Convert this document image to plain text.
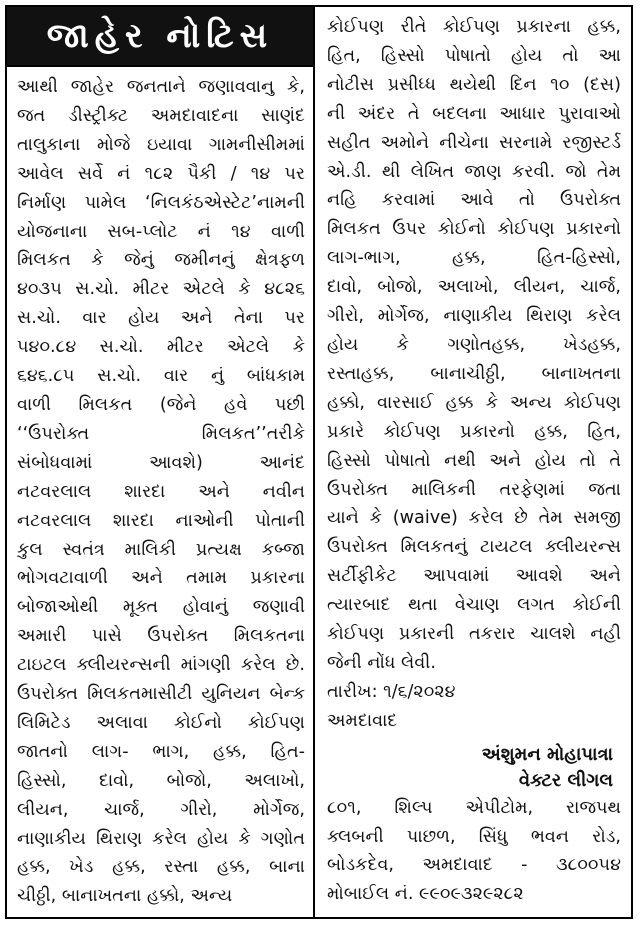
જાહેર નોટિસ
આથી જાહેર જનતાને જણાવવાનુ કે,
જત ડીસ્ટ્રીક્ટ અમદાવાદના સાણંદ
તાલુકાના મોજે ઇયાવા ગામનીસીમમાં
આવેલ સર્વે નં ૧૮૨ પૈકી / ૧૪ પર
નિર્માણ પામેલ ‘નિલકંઠએસ્ટેટ’નામની
યોજનાના સબ-પ્લોટ નં ૧૪ વાળી
મિલકત કે જેનું જમીનનું ક્ષેત્રફળ
૪૦૩૫ સ.ચો. મીટર એટલે કે ૪૮૨૬
સ.ચો. વાર હોય અને તેના પર
૫૪૦.૮૪ સ.ચો. મીટર એટલે કે
૬૪૬.૮૫ સ.ચો. વાર નું બાંધકામ
વાળી મિલકત (જેને હવે પછી
‘‘ઉપરોક્ત મિલકત’’તરીકે
સંબોધવામાં આવશે) આનંદ
નટવરલાલ શારદા અને નવીન
નટવરલાલ શારદા નાઓની પોતાની
કુલ સ્વતંત્ર માલિકી પ્રત્યક્ષ કબ્જા
ભોગવટાવાળી અને તમામ પ્રકારના
બોજાઓથી મૂક્ત હોવાનું જણાવી
અમારી પાસે ઉપરોક્ત મિલકતના
ટાઇટલ ક્લીયરન્સની માંગણી કરેલ છે.
ઉપરોક્ત મિલકતમાસીટી યુનિયન બેન્ક
લિમિટેડ અલાવા કોઈનો કોઈપણ
જાતનો લાગ- ભાગ, હક્ક, હિત-
હિસ્સો, દાવો, બોજો, અલાખો,
લીયન, ચાર્જ, ગીરો, મોર્ગેજ,
નાણાકીય થિરાણ કરેલ હોય કે ગણોત
હક્ક, ખેડ હક્ક, રસ્તા હક્ક, બાના
ચીઠ્ઠી, બાનાખતના હક્કો, અન્ય
કોઈપણ રીતે કોઈપણ પ્રકારના હક્ક,
હિત, હિસ્સો પોષાતો હોય તો આ
નોટીસ પ્રસીધ્ધ થયેથી દિન ૧૦ (દસ)
ની અંદર તે બદલના આધાર પુરાવાઓ
સહીત અમોને નીચેના સરનામે રજીસ્ટર્ડ
એ.ડી. થી લેખિત જાણ કરવી. જો તેમ
નહિ કરવામાં આવે તો ઉપરોક્ત
મિલકત ઉપર કોઈનો કોઈપણ પ્રકારનો
લાગ-ભાગ, હક્ક, હિત-હિસ્સો,
દાવો, બોજો, અલાખો, લીયન, ચાર્જ,
ગીરો, મોર્ગેજ, નાણાકીય થિરાણ કરેલ
હોય કે ગણોતહક્ક, ખેડહક્ક,
રસ્તાહક્ક, બાનાચીઠ્ઠી, બાનાખતના
હક્કો, વારસાઈ હક્ક કે અન્ય કોઈપણ
પ્રકારે કોઈપણ પ્રકારનો હક્ક, હિત,
હિસ્સો પોષાતો નથી અને હોય તો તે
ઉપરોક્ત માલિકની તરફેણમાં જતા
યાને કે (waive) કરેલ છે તેમ સમજી
ઉપરોક્ત મિલકતનું ટાયટલ ક્લીયરન્સ
સર્ટીફીકેટ આપવામાં આવશે અને
ત્યારબાદ થતા વેચાણ લગત કોઈની
કોઈપણ પ્રકારની તકરાર ચાલશે નહી
જેની નોંધ લેવી.
તારીખ: ૧/૬/૨૦૨૪
અમદાવાદ
અંશુમન મોહાપાત્રા
વેક્ટર લીગલ
૮૦૧, શિલ્પ એપીટોમ, રાજપથ
ક્લબની પાછળ, સિંધુ ભવન રોડ,
બોડકદેવ, અમદાવાદ - ૩૮૦૦૫૪
મોબાઈલ નં. ૯૯૦૯૩૨૯૨૮૨
